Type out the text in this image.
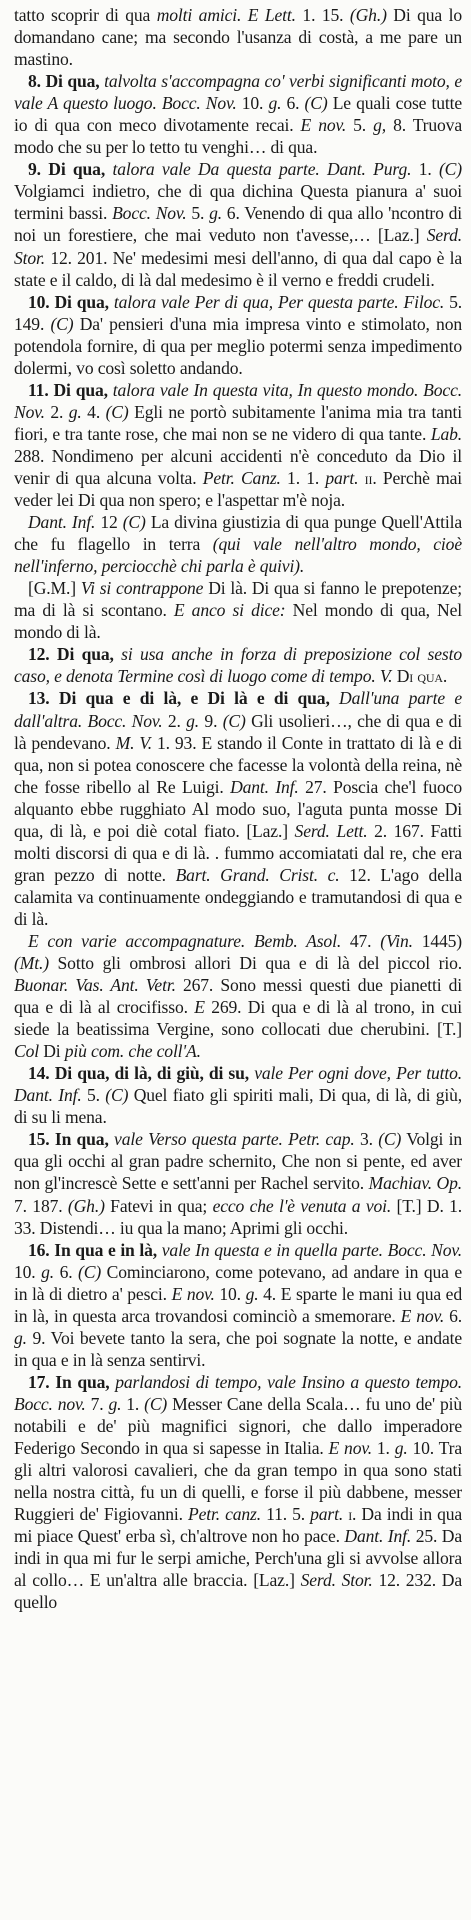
tatto scoprir di qua molti amici. E Lett. 1. 15. (Gh.) Di qua lo domandano cane; ma secondo l'usanza di costà, a me pare un mastino.

8. Di qua, talvolta s'accompagna co' verbi significanti moto, e vale A questo luogo. Bocc. Nov. 10. g. 6. (C) Le quali cose tutte io di qua con meco divotamente recai. E nov. 5. g, 8. Truova modo che su per lo tetto tu venghi… di qua.

9. Di qua, talora vale Da questa parte. Dant. Purg. 1. (C) Volgiamci indietro, che di qua dichina Questa pianura a' suoi termini bassi. Bocc. Nov. 5. g. 6. Venendo di qua allo 'ncontro di noi un forestiere, che mai veduto non t'avesse,… [Laz.] Serd. Stor. 12. 201. Ne' medesimi mesi dell'anno, di qua dal capo è la state e il caldo, di là dal medesimo è il verno e freddi crudeli.

10. Di qua, talora vale Per di qua, Per questa parte. Filoc. 5. 149. (C) Da' pensieri d'una mia impresa vinto e stimolato, non potendola fornire, di qua per meglio potermi senza impedimento dolermi, vo così soletto andando.

11. Di qua, talora vale In questa vita, In questo mondo. Bocc. Nov. 2. g. 4. (C) Egli ne portò subitamente l'anima mia tra tanti fiori, e tra tante rose, che mai non se ne videro di qua tante. Lab. 288. Nondimeno per alcuni accidenti n'è conceduto da Dio il venir di qua alcuna volta. Petr. Canz. 1. 1. part. ii. Perchè mai veder lei Di qua non spero; e l'aspettar m'è noja.

Dant. Inf. 12 (C) La divina giustizia di qua punge Quell'Attila che fu flagello in terra (qui vale nell'altro mondo, cioè nell'inferno, perciocchè chi parla è quivi).

[G.M.] Vi si contrappone Di là. Di qua si fanno le prepotenze; ma di là si scontano. E anco si dice: Nel mondo di qua, Nel mondo di là.

12. Di qua, si usa anche in forza di preposizione col sesto caso, e denota Termine così di luogo come di tempo. V. Di qua.

13. Di qua e di là, e Di là e di qua, Dall'una parte e dall'altra. Bocc. Nov. 2. g. 9. (C) Gli usolieri…, che di qua e di là pendevano. M. V. 1. 93. E stando il Conte in trattato di là e di qua, non si potea conoscere che facesse la volontà della reina, nè che fosse ribello al Re Luigi. Dant. Inf. 27. Poscia che'l fuoco alquanto ebbe rugghiato Al modo suo, l'aguta punta mosse Di qua, di là, e poi diè cotal fiato. [Laz.] Serd. Lett. 2. 167. Fatti molti discorsi di qua e di là. . fummo accomiatati dal re, che era gran pezzo di notte. Bart. Grand. Crist. c. 12. L'ago della calamita va continuamente ondeggiando e tramutandosi di qua e di là.

E con varie accompagnature. Bemb. Asol. 47. (Vin. 1445) (Mt.) Sotto gli ombrosi allori Di qua e di là del piccol rio. Buonar. Vas. Ant. Vetr. 267. Sono messi questi due pianetti di qua e di là al crocifisso. E 269. Di qua e di là al trono, in cui siede la beatissima Vergine, sono collocati due cherubini. [T.] Col Di più com. che coll'A.

14. Di qua, di là, di giù, di su, vale Per ogni dove, Per tutto. Dant. Inf. 5. (C) Quel fiato gli spiriti mali, Di qua, di là, di giù, di su li mena.

15. In qua, vale Verso questa parte. Petr. cap. 3. (C) Volgi in qua gli occhi al gran padre schernito, Che non si pente, ed aver non gl'increscè Sette e sett'anni per Rachel servito. Machiav. Op. 7. 187. (Gh.) Fatevi in qua; ecco che l'è venuta a voi. [T.] D. 1. 33. Distendi… iu qua la mano; Aprimi gli occhi.

16. In qua e in là, vale In questa e in quella parte. Bocc. Nov. 10. g. 6. (C) Cominciarono, come potevano, ad andare in qua e in là di dietro a' pesci. E nov. 10. g. 4. E sparte le mani iu qua ed in là, in questa arca trovandosi cominciò a smemorare. E nov. 6. g. 9. Voi bevete tanto la sera, che poi sognate la notte, e andate in qua e in là senza sentirvi.

17. In qua, parlandosi di tempo, vale Insino a questo tempo. Bocc. nov. 7. g. 1. (C) Messer Cane della Scala… fu uno de' più notabili e de' più magnifici signori, che dallo imperadore Federigo Secondo in qua si sapesse in Italia. E nov. 1. g. 10. Tra gli altri valorosi cavalieri, che da gran tempo in qua sono stati nella nostra città, fu un di quelli, e forse il più dabbene, messer Ruggieri de' Figiovanni. Petr. canz. 11. 5. part. i. Da indi in qua mi piace Quest' erba sì, ch'altrove non ho pace. Dant. Inf. 25. Da indi in qua mi fur le serpi amiche, Perch'una gli si avvolse allora al collo… E un'altra alle braccia. [Laz.] Serd. Stor. 12. 232. Da quello
